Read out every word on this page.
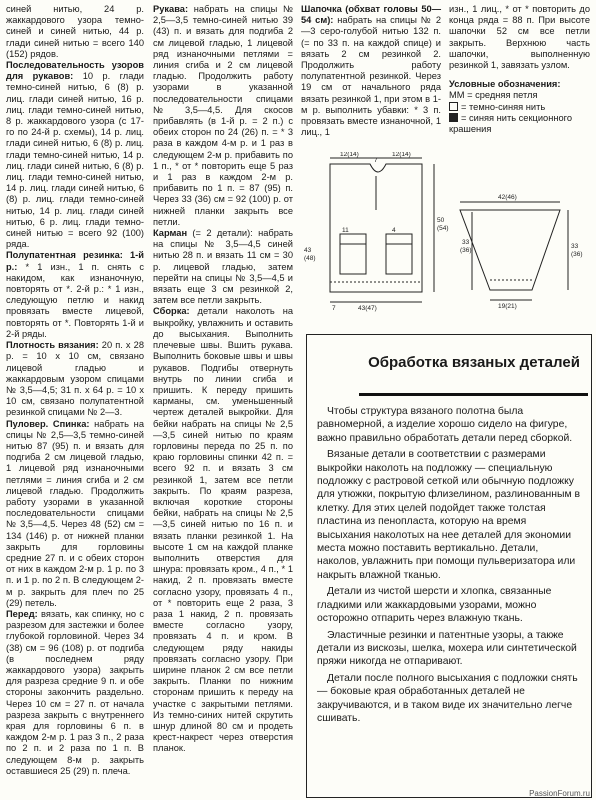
синей нитью, 24 р. жаккардового узора темно-синей и синей нитью, 44 р. глади синей нитью = всего 140 (152) рядов.

Последовательность узоров для рукавов: 10 р. глади темно-синей нитью, 6 (8) р. лиц. глади синей нитью, 16 р. лиц. глади темно-синей нитью, 8 р. жаккардового узора (с 17-го по 24-й р. схемы), 14 р. лиц. глади синей нитью, 6 (8) р. лиц. глади темно-синей нитью, 14 р. лиц. глади синей нитью, 6 (8) р. лиц. глади темно-синей нитью, 14 р. лиц. глади синей нитью, 6 (8) р. лиц. глади темно-синей нитью, 14 р. лиц. глади синей нитью, 6 р. лиц. глади темно-синей нитью = всего 92 (100) ряда.

Полупатентная резинка: 1-й р.: * 1 изн., 1 п. снять с накидом, как изнаночную, повторять от *. 2-й р.: * 1 изн., следующую петлю и накид провязать вместе лицевой, повторять от *. Повторять 1-й и 2-й ряды.

Плотность вязания: 20 п. х 28 р. = 10 х 10 см, связано лицевой гладью и жаккардовым узором спицами № 3,5—4,5; 31 п. х 64 р. = 10 х 10 см, связано полупатентной резинкой спицами № 2—3.

Пуловер. Спинка: набрать на спицы № 2,5—3,5 темно-синей нитью 87 (95) п. и вязать для подгиба 2 см лицевой гладью, 1 лицевой ряд изнаночными петлями = линия сгиба и 2 см лицевой гладью. Продолжить работу узорами в указанной последовательности спицами № 3,5—4,5. Через 48 (52) см = 134 (146) р. от нижней планки закрыть для горловины средние 27 п. и с обеих сторон от них в каждом 2-м р. 1 р. по 3 п. и 1 р. по 2 п. В следующем 2-м р. закрыть для плеч по 25 (29) петель.

Перед: вязать, как спинку, но с разрезом для застежки и более глубокой горловиной. Через 34 (38) см = 96 (108) р. от подгиба (в последнем ряду жаккардового узора) закрыть для разреза средние 9 п. и обе стороны закончить раздельно. Через 10 см = 27 п. от начала разреза закрыть с внутреннего края для горловины 6 п. в каждом 2-м р. 1 раз 3 п., 2 раза по 2 п. и 2 раза по 1 п. В следующем 8-м р. закрыть оставшиеся 25 (29) п. плеча.

Рукава: набрать на спицы № 2,5—3,5 темно-синей нитью 39 (43) п. и вязать для подгиба 2 см лицевой гладью, 1 лицевой ряд изнаночными петлями = линия сгиба и 2 см лицевой гладью. Продолжить работу узорами в указанной последовательности спицами № 3,5—4,5. Для скосов прибавлять (в 1-й р. = 2 п.) с обеих сторон по 24 (26) п. = * 3 раза в каждом 4-м р. и 1 раз в следующем 2-м р. прибавить по 1 п., * от * повторить еще 5 раз и 1 раз в каждом 2-м р. прибавить по 1 п. = 87 (95) п. Через 33 (36) см = 92 (100) р. от нижней планки закрыть все петли.

Карман (= 2 детали): набрать на спицы № 3,5—4,5 синей нитью 28 п. и вязать 11 см = 30 р. лицевой гладью, затем перейти на спицы № 3,5—4,5 и вязать еще 3 см резинкой 2, затем все петли закрыть.

Сборка: детали наколоть на выкройку, увлажнить и оставить до высыхания. Выполнить плечевые швы. Вшить рукава. Выполнить боковые швы и швы рукавов. Подгибы отвернуть внутрь по линии сгиба и пришить. К переду пришить карманы, см. уменьшенный чертеж деталей выкройки. Для бейки набрать на спицы № 2,5—3,5 синей нитью по краям горловины переда по 25 п. по краю горловины спинки 42 п. = всего 92 п. и вязать 3 см резинкой 1, затем все петли закрыть. По краям разреза, включая короткие стороны бейки, набрать на спицы № 2,5—3,5 синей нитью по 16 п. и вязать планки резинкой 1. На высоте 1 см на каждой планке выполнить отверстия для шнура: провязать кром., 4 п., * 1 накид, 2 п. провязать вместе согласно узору, провязать 4 п., от * повторить еще 2 раза, 3 раза 1 накид, 2 п. провязать вместе согласно узору, провязать 4 п. и кром. В следующем ряду накиды провязать согласно узору. При ширине планок 2 см все петли закрыть. Планки по нижним сторонам пришить к переду на участке с закрытыми петлями. Из темно-синих нитей скрутить шнур длиной 80 см и продеть крест-накрест через отверстия планок.

Шапочка (обхват головы 50—54 см): набрать на спицы № 2—3 серо-голубой нитью 132 п. (= по 33 п. на каждой спице) и вязать 2 см резинкой 2. Продолжить работу полупатентной резинкой. Через 19 см от начального ряда вязать резинкой 1, при этом в 1-м р. выполнить убавки: * 3 п. провязать вместе изнаночной, 1 лиц., 1

изн., 1 лиц., * от * повторить до конца ряда = 88 п. При высоте шапочки 52 см все петли закрыть. Верхнюю часть шапочки, выполненную резинкой 1, завязать узлом.

Условные обозначения:
ММ = средняя петля
= темно-синяя нить
= синяя нить секционного крашения
12(14)
7
12(14)
50
(54)
43
(48)
11	4
7	43(47)
42(46)
33
(36)
33
(36)
19(21)
Обработка вязаных деталей

Чтобы структура вязаного полотна была равномерной, а изделие хорошо сидело на фигуре, важно правильно обработать детали перед сборкой.

Вязаные детали в соответствии с размерами выкройки наколоть на подложку — специальную подложку с растровой сеткой или обычную подложку для утюжки, покрытую флизелином, разлинованным в клетку. Для этих целей подойдет также толстая пластина из пенопласта, которую на время высыхания наколотых на нее деталей для экономии места можно поставить вертикально. Детали, наколов, увлажнить при помощи пульверизатора или накрыть влажной тканью.

Детали из чистой шерсти и хлопка, связанные гладкими или жаккардовыми узорами, можно осторожно отпарить через влажную ткань.

Эластичные резинки и патентные узоры, а также детали из вискозы, шелка, мохера или синтетической пряжи никогда не отпаривают.

Детали после полного высыхания с подложки снять — боковые края обработанных деталей не закручиваются, и в таком виде их значительно легче сшивать.

PassionForum.ru
